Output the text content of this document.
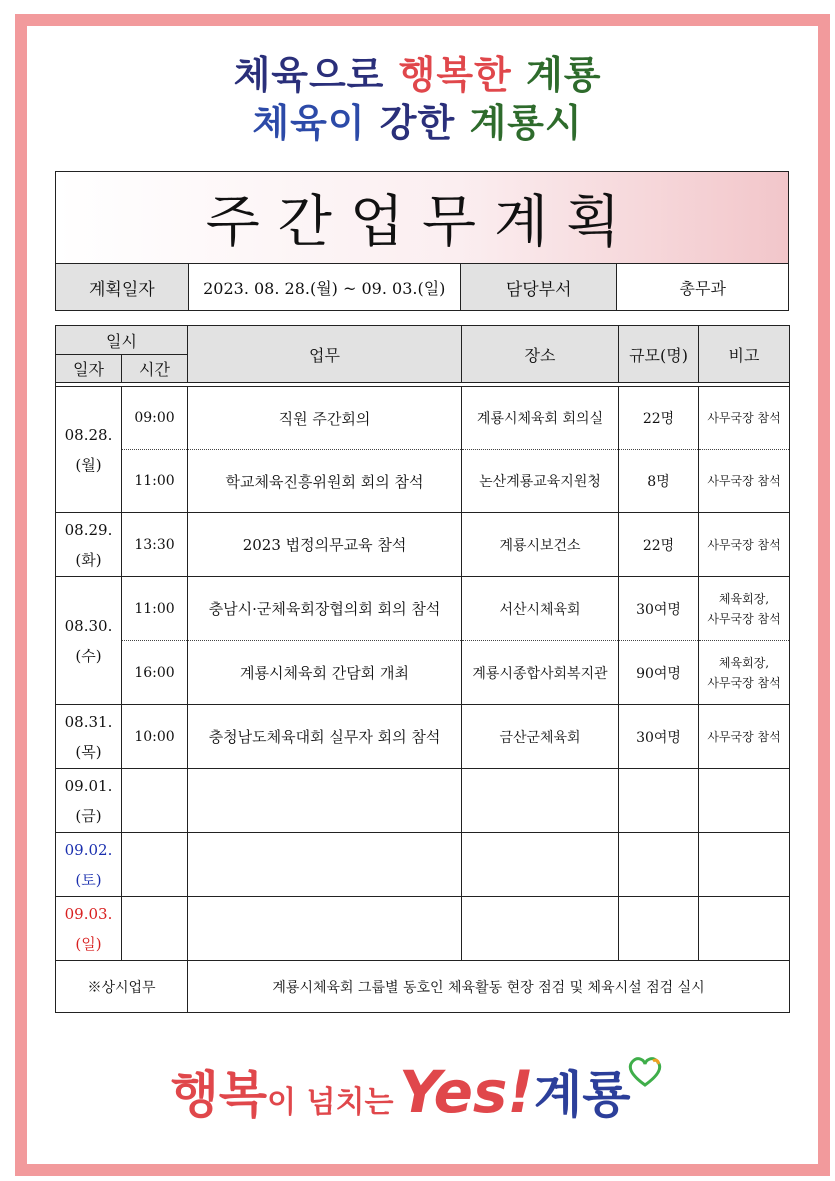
체육으로 행복한 계룡
체육이 강한 계룡시
주간업무계획
계획일자	2023. 08. 28.(월) ~ 09. 03.(일)	담당부서	총무과
일시		업무	장소	규모(명)	비고
일자	시간				

08.28.
(월)	09:00	직원 주간회의	계룡시체육회 회의실	22명	사무국장 참석
	11:00	학교체육진흥위원회 회의 참석	논산계룡교육지원청	8명	사무국장 참석
08.29.
(화)	13:30	2023 법정의무교육 참석	계룡시보건소	22명	사무국장 참석
08.30.
(수)	11:00	충남시·군체육회장협의회 회의 참석	서산시체육회	30여명	체육회장,
사무국장 참석
	16:00	계룡시체육회 간담회 개최	계룡시종합사회복지관	90여명	체육회장,
사무국장 참석
08.31.
(목)	10:00	충청남도체육대회 실무자 회의 참석	금산군체육회	30여명	사무국장 참석
09.01.
(금)					
09.02.
(토)					
09.03.
(일)					
※상시업무		계룡시체육회 그룹별 동호인 체육활동 현장 점검 및 체육시설 점검 실시			
행복이 넘치는 Yes!계룡
